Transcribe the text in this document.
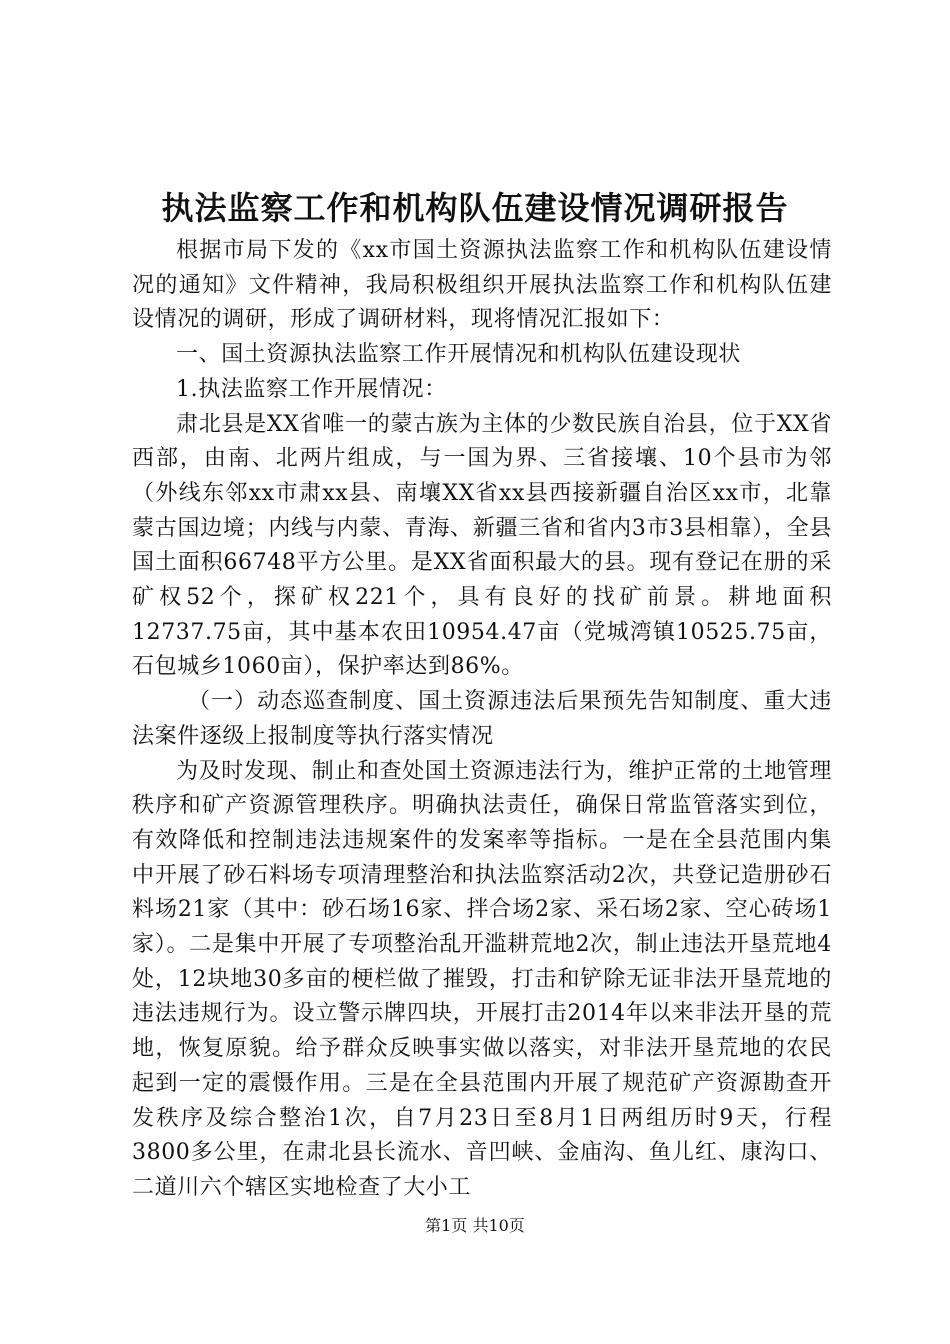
执法监察工作和机构队伍建设情况调研报告

根据市局下发的《xx市国土资源执法监察工作和机构队伍建设情况的通知》文件精神，我局积极组织开展执法监察工作和机构队伍建设情况的调研，形成了调研材料，现将情况汇报如下：

一、国土资源执法监察工作开展情况和机构队伍建设现状

1.执法监察工作开展情况：

肃北县是XX省唯一的蒙古族为主体的少数民族自治县，位于XX省西部，由南、北两片组成，与一国为界、三省接壤、10个县市为邻（外线东邻xx市肃xx县、南壤XX省xx县西接新疆自治区xx市，北靠蒙古国边境；内线与内蒙、青海、新疆三省和省内3市3县相靠），全县国土面积66748平方公里。是XX省面积最大的县。现有登记在册的采矿权52个，探矿权221个，具有良好的找矿前景。耕地面积12737.75亩，其中基本农田10954.47亩（党城湾镇10525.75亩，石包城乡1060亩），保护率达到86%。

（一）动态巡查制度、国土资源违法后果预先告知制度、重大违法案件逐级上报制度等执行落实情况

为及时发现、制止和查处国土资源违法行为，维护正常的土地管理秩序和矿产资源管理秩序。明确执法责任，确保日常监管落实到位，有效降低和控制违法违规案件的发案率等指标。一是在全县范围内集中开展了砂石料场专项清理整治和执法监察活动2次，共登记造册砂石料场21家（其中：砂石场16家、拌合场2家、采石场2家、空心砖场1家）。二是集中开展了专项整治乱开滥耕荒地2次，制止违法开垦荒地4处，12块地30多亩的梗栏做了摧毁，打击和铲除无证非法开垦荒地的违法违规行为。设立警示牌四块，开展打击2014年以来非法开垦的荒地，恢复原貌。给予群众反映事实做以落实，对非法开垦荒地的农民起到一定的震慑作用。三是在全县范围内开展了规范矿产资源勘查开发秩序及综合整治1次，自7月23日至8月1日两组历时9天，行程3800多公里，在肃北县长流水、音凹峡、金庙沟、鱼儿红、康沟口、二道川六个辖区实地检查了大小工

第1页 共10页
